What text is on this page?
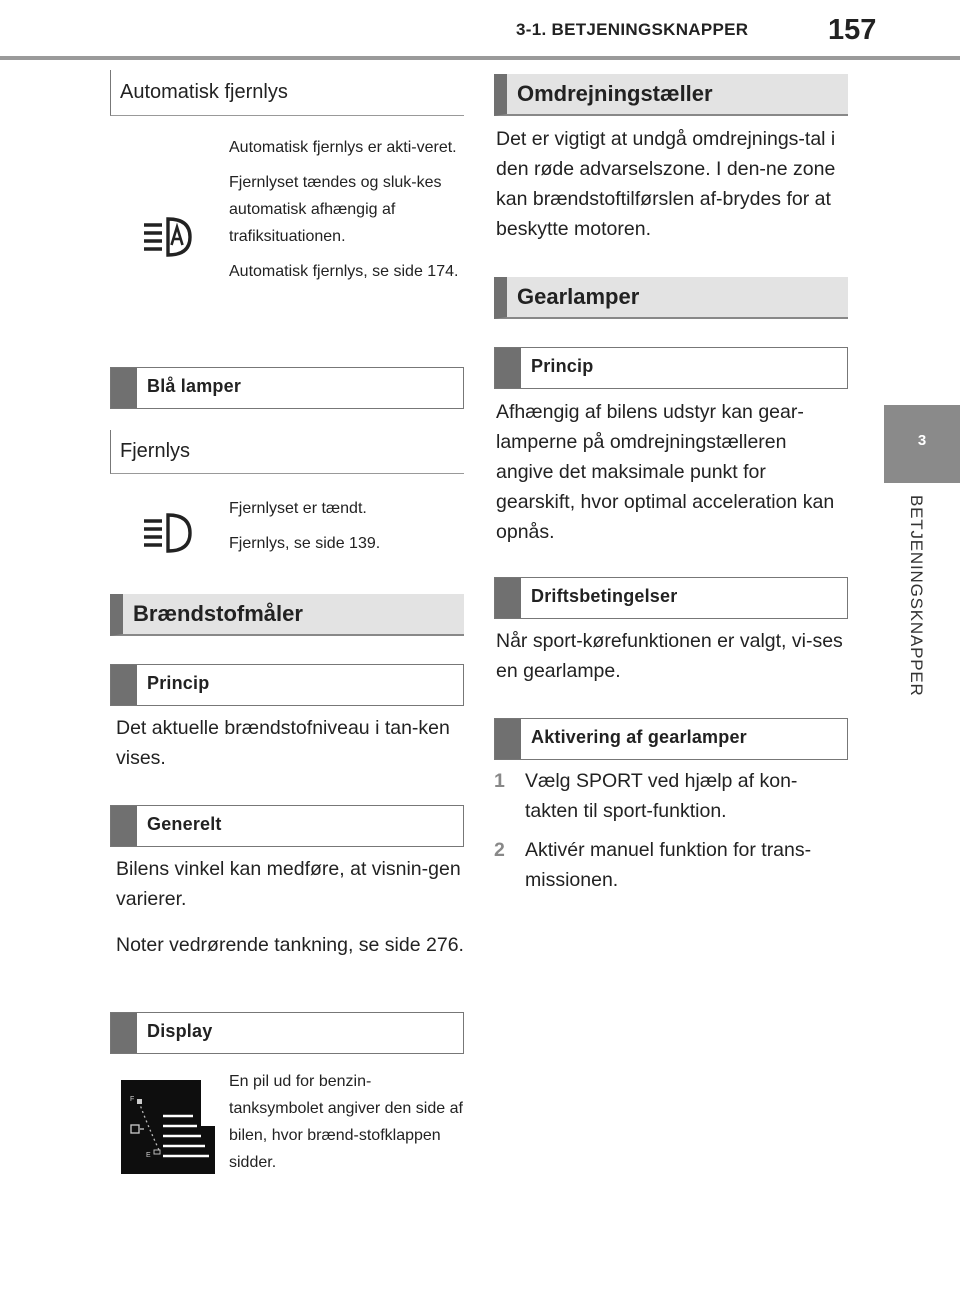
3-1. BETJENINGSKNAPPER	157
3
BETJENINGSKNAPPER
Automatisk fjernlys

Automatisk fjernlys er akti-veret.

Fjernlyset tændes og sluk-kes automatisk afhængig af trafiksituationen.

Automatisk fjernlys, se side 174.

Blå lamper
Fjernlys

Fjernlyset er tændt.

Fjernlys, se side 139.

Brændstofmåler
Princip

Det aktuelle brændstofniveau i tan-ken vises.

Generelt

Bilens vinkel kan medføre, at visnin-gen varierer.

Noter vedrørende tankning, se side 276.

Display
F
E

En pil ud for benzin-tanksymbolet angiver den side af bilen, hvor brænd-stofklappen sidder.

Omdrejningstæller

Det er vigtigt at undgå omdrejnings-tal i den røde advarselszone. I den-ne zone kan brændstoftilførslen af-brydes for at beskytte motoren.

Gearlamper
Princip

Afhængig af bilens udstyr kan gear-lamperne på omdrejningstælleren angive det maksimale punkt for gearskift, hvor optimal acceleration kan opnås.

Driftsbetingelser

Når sport-kørefunktionen er valgt, vi-ses en gearlampe.

Aktivering af gearlamper
1	Vælg SPORT ved hjælp af kon-takten til sport-funktion.
2	Aktivér manuel funktion for trans-missionen.
